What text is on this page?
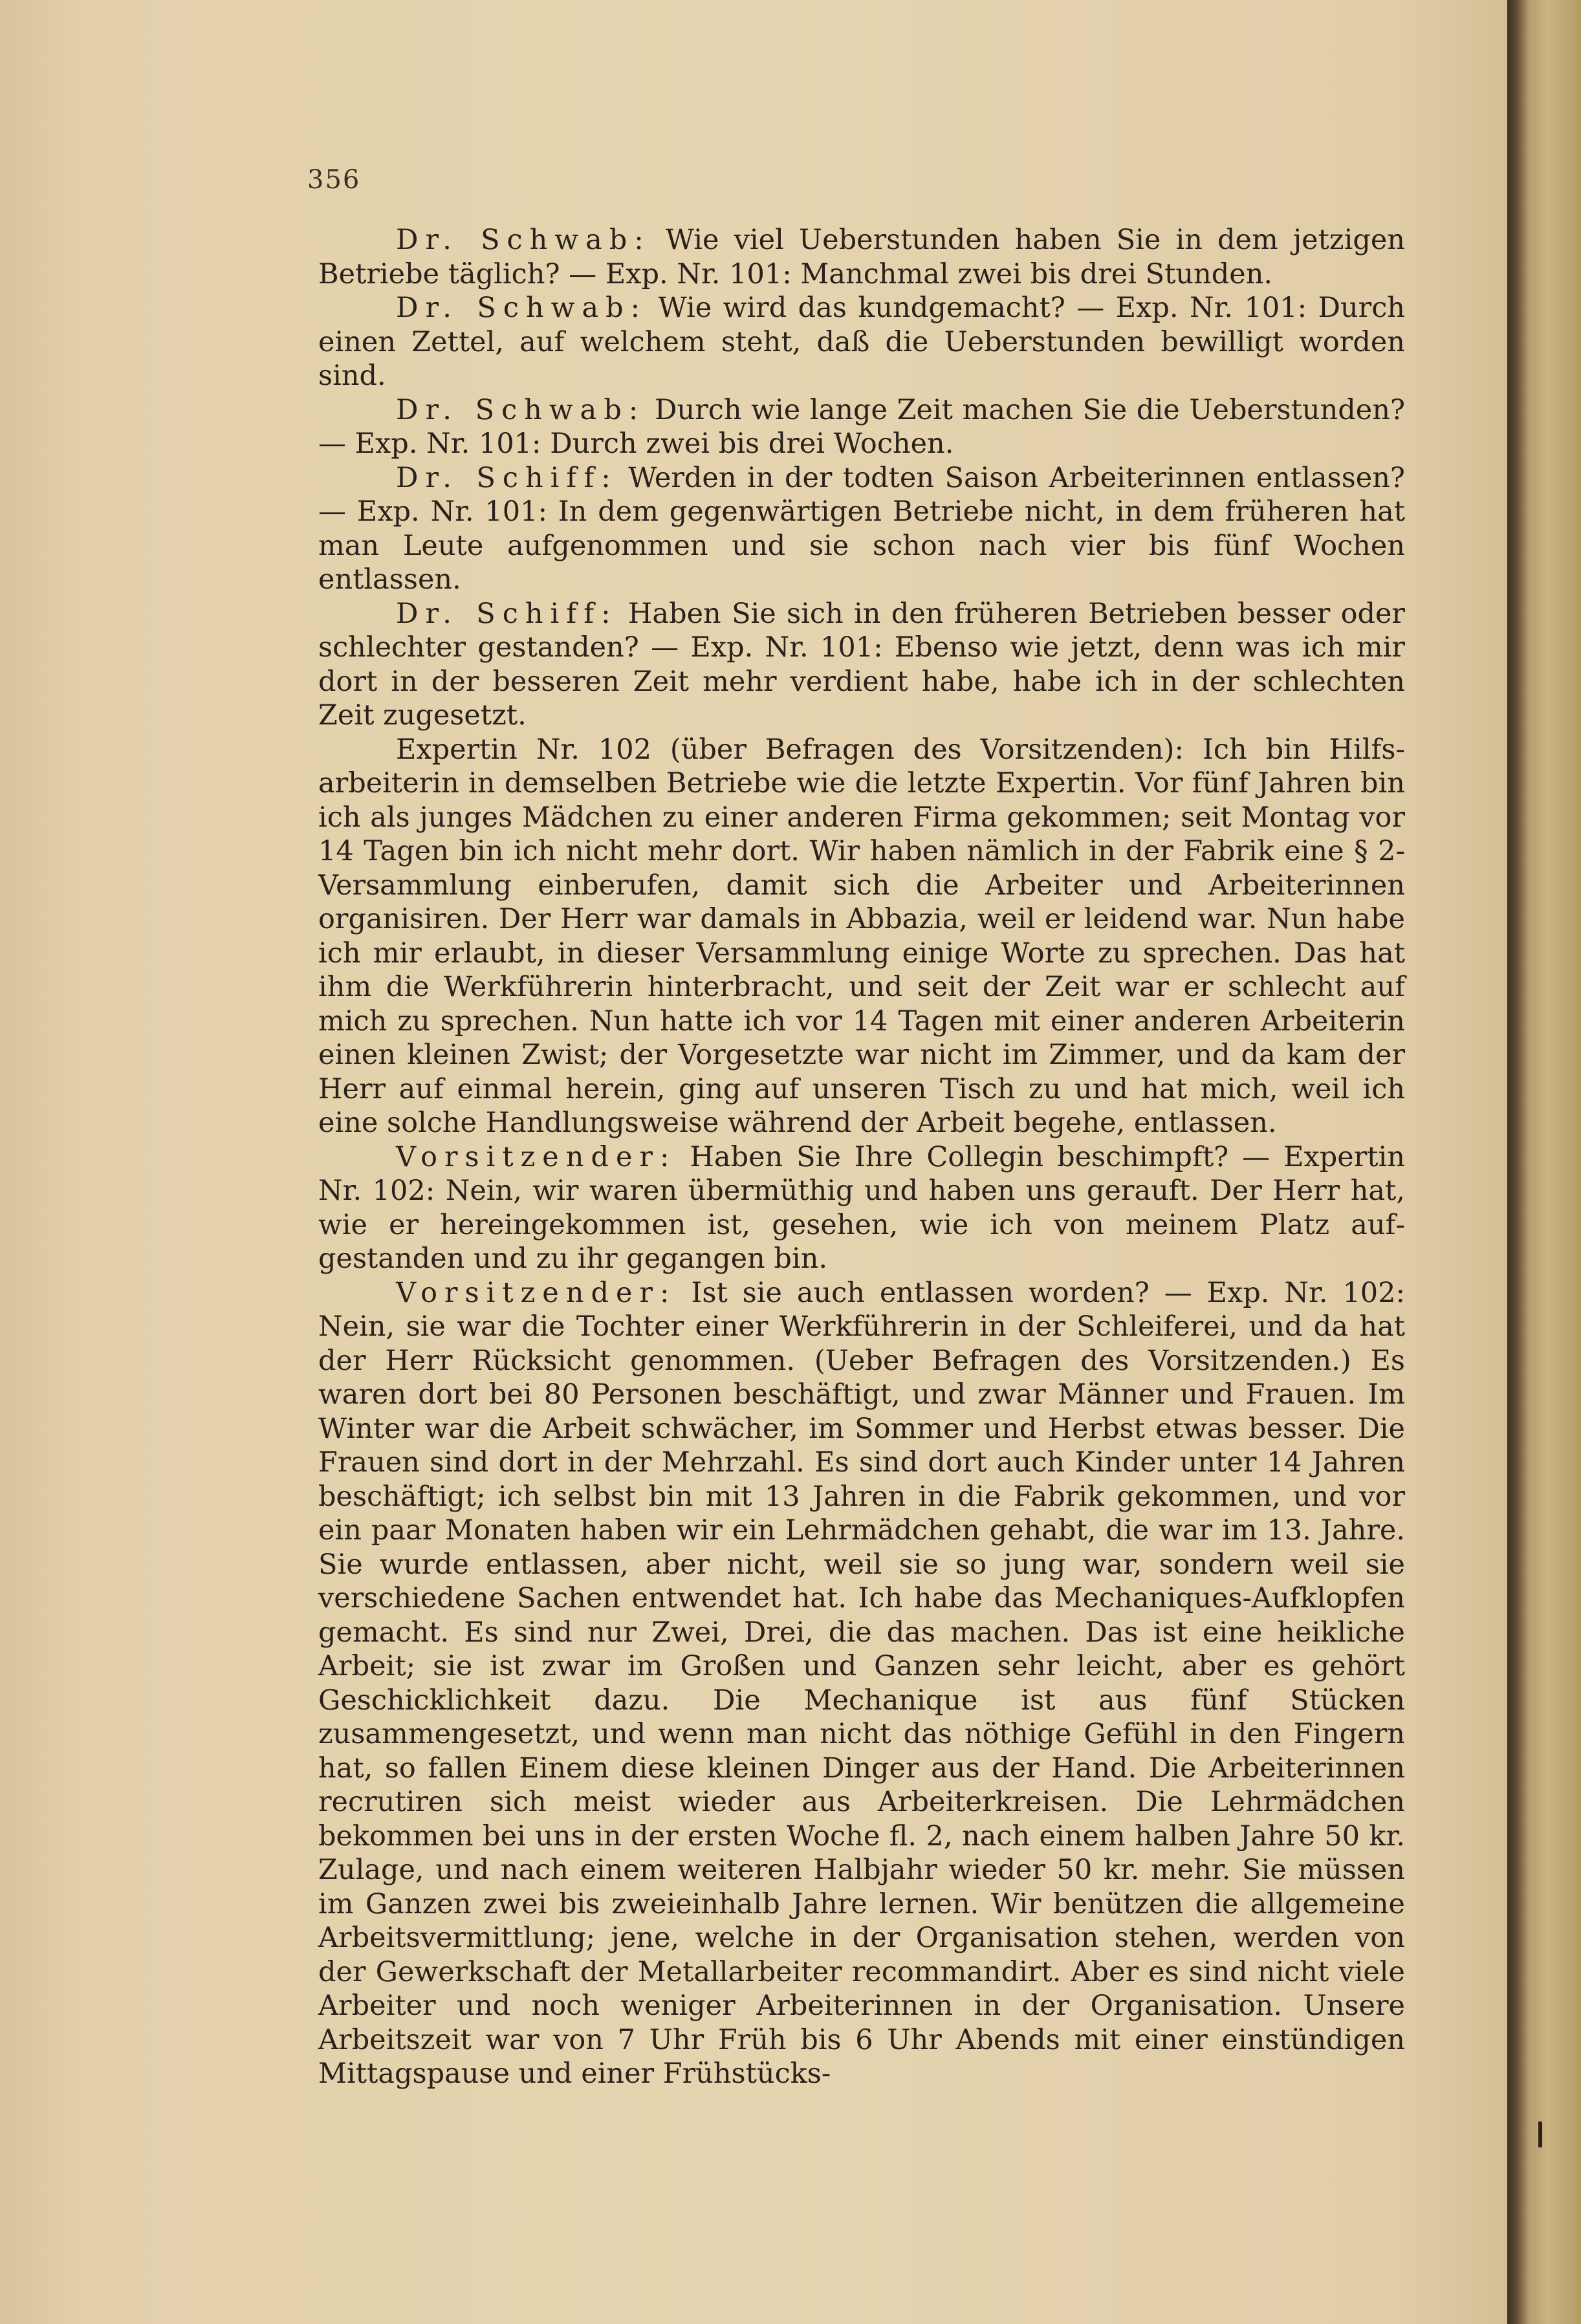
356

Dr. Schwab: Wie viel Ueberstunden haben Sie in dem jetzigen Betriebe täglich? — Exp. Nr. 101: Manchmal zwei bis drei Stunden.

Dr. Schwab: Wie wird das kundgemacht? — Exp. Nr. 101: Durch einen Zettel, auf welchem steht, daß die Ueberstunden bewilligt worden sind.

Dr. Schwab: Durch wie lange Zeit machen Sie die Ueberstunden? — Exp. Nr. 101: Durch zwei bis drei Wochen.

Dr. Schiff: Werden in der todten Saison Arbeiterinnen entlassen? — Exp. Nr. 101: In dem gegenwärtigen Betriebe nicht, in dem früheren hat man Leute aufgenommen und sie schon nach vier bis fünf Wochen entlassen.

Dr. Schiff: Haben Sie sich in den früheren Betrieben besser oder schlechter gestanden? — Exp. Nr. 101: Ebenso wie jetzt, denn was ich mir dort in der besseren Zeit mehr verdient habe, habe ich in der schlechten Zeit zugesetzt.

Expertin Nr. 102 (über Befragen des Vorsitzenden): Ich bin Hilfsarbeiterin in demselben Betriebe wie die letzte Expertin. Vor fünf Jahren bin ich als junges Mädchen zu einer anderen Firma gekommen; seit Montag vor 14 Tagen bin ich nicht mehr dort. Wir haben nämlich in der Fabrik eine § 2-Versammlung einberufen, damit sich die Arbeiter und Arbeiterinnen organisiren. Der Herr war damals in Abbazia, weil er leidend war. Nun habe ich mir erlaubt, in dieser Versammlung einige Worte zu sprechen. Das hat ihm die Werkführerin hinterbracht, und seit der Zeit war er schlecht auf mich zu sprechen. Nun hatte ich vor 14 Tagen mit einer anderen Arbeiterin einen kleinen Zwist; der Vorgesetzte war nicht im Zimmer, und da kam der Herr auf einmal herein, ging auf unseren Tisch zu und hat mich, weil ich eine solche Handlungsweise während der Arbeit begehe, entlassen.

Vorsitzender: Haben Sie Ihre Collegin beschimpft? — Expertin Nr. 102: Nein, wir waren übermüthig und haben uns gerauft. Der Herr hat, wie er hereingekommen ist, gesehen, wie ich von meinem Platz aufgestanden und zu ihr gegangen bin.

Vorsitzender: Ist sie auch entlassen worden? — Exp. Nr. 102: Nein, sie war die Tochter einer Werkführerin in der Schleiferei, und da hat der Herr Rücksicht genommen. (Ueber Befragen des Vorsitzenden.) Es waren dort bei 80 Personen beschäftigt, und zwar Männer und Frauen. Im Winter war die Arbeit schwächer, im Sommer und Herbst etwas besser. Die Frauen sind dort in der Mehrzahl. Es sind dort auch Kinder unter 14 Jahren beschäftigt; ich selbst bin mit 13 Jahren in die Fabrik gekommen, und vor ein paar Monaten haben wir ein Lehrmädchen gehabt, die war im 13. Jahre. Sie wurde entlassen, aber nicht, weil sie so jung war, sondern weil sie verschiedene Sachen entwendet hat. Ich habe das Mechaniques-Aufklopfen gemacht. Es sind nur Zwei, Drei, die das machen. Das ist eine heikliche Arbeit; sie ist zwar im Großen und Ganzen sehr leicht, aber es gehört Geschicklichkeit dazu. Die Mechanique ist aus fünf Stücken zusammengesetzt, und wenn man nicht das nöthige Gefühl in den Fingern hat, so fallen Einem diese kleinen Dinger aus der Hand. Die Arbeiterinnen recrutiren sich meist wieder aus Arbeiterkreisen. Die Lehrmädchen bekommen bei uns in der ersten Woche fl. 2, nach einem halben Jahre 50 kr. Zulage, und nach einem weiteren Halbjahr wieder 50 kr. mehr. Sie müssen im Ganzen zwei bis zweieinhalb Jahre lernen. Wir benützen die allgemeine Arbeitsvermittlung; jene, welche in der Organisation stehen, werden von der Gewerkschaft der Metallarbeiter recommandirt. Aber es sind nicht viele Arbeiter und noch weniger Arbeiterinnen in der Organisation. Unsere Arbeitszeit war von 7 Uhr Früh bis 6 Uhr Abends mit einer einstündigen Mittagspause und einer Frühstücks-
